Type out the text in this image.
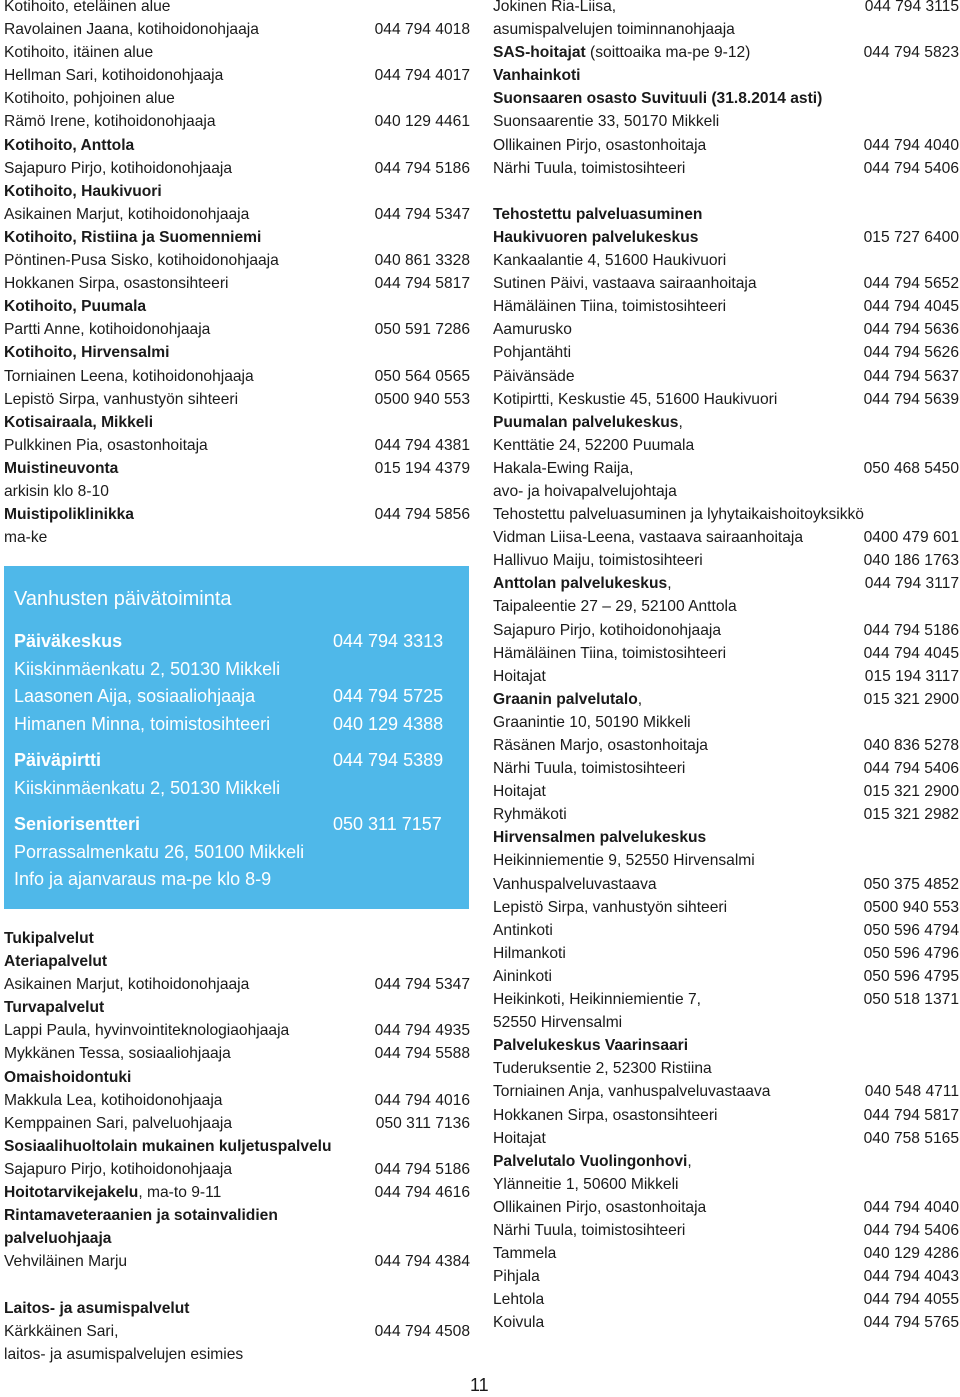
Kotihoito, eteläinen alue
Ravolainen Jaana, kotihoidonohjaaja	044 794 4018
Kotihoito, itäinen alue
Hellman Sari, kotihoidonohjaaja	044 794 4017
Kotihoito, pohjoinen alue
Rämö Irene, kotihoidonohjaaja	040 129 4461
Kotihoito, Anttola
Sajapuro Pirjo, kotihoidonohjaaja	044 794 5186
Kotihoito, Haukivuori
Asikainen Marjut, kotihoidonohjaaja	044 794 5347
Kotihoito, Ristiina ja Suomenniemi
Pöntinen-Pusa Sisko, kotihoidonohjaaja	040 861 3328
Hokkanen Sirpa, osastonsihteeri	044 794 5817
Kotihoito, Puumala
Partti Anne, kotihoidonohjaaja	050 591 7286
Kotihoito, Hirvensalmi
Torniainen Leena, kotihoidonohjaaja	050 564 0565
Lepistö Sirpa, vanhustyön sihteeri	0500 940 553
Kotisairaala, Mikkeli
Pulkkinen Pia, osastonhoitaja	044 794 4381
Muistineuvonta	015 194 4379
arkisin klo 8-10
Muistipoliklinikka	044 794 5856
ma-ke
Vanhusten päivätoiminta
Päiväkeskus	044 794 3313
Kiiskinmäenkatu 2, 50130 Mikkeli
Laasonen Aija, sosiaaliohjaaja	044 794 5725
Himanen Minna, toimistosihteeri	040 129 4388
Päiväpirtti	044 794 5389
Kiiskinmäenkatu 2, 50130 Mikkeli
Seniorisentteri	050 311 7157
Porrassalmenkatu 26, 50100 Mikkeli
Info ja ajanvaraus ma-pe klo 8-9
Tukipalvelut
Ateriapalvelut
Asikainen Marjut, kotihoidonohjaaja	044 794 5347
Turvapalvelut
Lappi Paula, hyvinvointiteknologiaohjaaja	044 794 4935
Mykkänen Tessa, sosiaaliohjaaja	044 794 5588
Omaishoidontuki
Makkula Lea, kotihoidonohjaaja	044 794 4016
Kemppainen Sari, palveluohjaaja	050 311 7136
Sosiaalihuoltolain mukainen kuljetuspalvelu
Sajapuro Pirjo, kotihoidonohjaaja	044 794 5186
Hoitotarvikejakelu, ma-to 9-11	044 794 4616
Rintamaveteraanien ja sotainvalidien
palveluohjaaja
Vehviläinen Marju	044 794 4384
Laitos- ja asumispalvelut
Kärkkäinen Sari,	044 794 4508
laitos- ja asumispalvelujen esimies
Jokinen Ria-Liisa,	044 794 3115
asumispalvelujen toiminnanohjaaja
SAS-hoitajat (soittoaika ma-pe 9-12)	044 794 5823
Vanhainkoti
Suonsaaren osasto Suvituuli (31.8.2014 asti)
Suonsaarentie 33, 50170 Mikkeli
Ollikainen Pirjo, osastonhoitaja	044 794 4040
Närhi Tuula, toimistosihteeri	044 794 5406
Tehostettu palveluasuminen
Haukivuoren palvelukeskus	015 727 6400
Kankaalantie 4, 51600 Haukivuori
Sutinen Päivi, vastaava sairaanhoitaja	044 794 5652
Hämäläinen Tiina, toimistosihteeri	044 794 4045
Aamurusko	044 794 5636
Pohjantähti	044 794 5626
Päivänsäde	044 794 5637
Kotipirtti, Keskustie 45, 51600 Haukivuori	044 794 5639
Puumalan palvelukeskus,
Kenttätie 24, 52200 Puumala
Hakala-Ewing Raija,	050 468 5450
avo- ja hoivapalvelujohtaja
Tehostettu palveluasuminen ja lyhytaikaishoitoyksikkö
Vidman Liisa-Leena, vastaava sairaanhoitaja	0400 479 601
Hallivuo Maiju, toimistosihteeri	040 186 1763
Anttolan palvelukeskus,	044 794 3117
Taipaleentie 27 – 29, 52100 Anttola
Sajapuro Pirjo, kotihoidonohjaaja	044 794 5186
Hämäläinen Tiina, toimistosihteeri	044 794 4045
Hoitajat	015 194 3117
Graanin palvelutalo,	015 321 2900
Graanintie 10, 50190 Mikkeli
Räsänen Marjo, osastonhoitaja	040 836 5278
Närhi Tuula, toimistosihteeri	044 794 5406
Hoitajat	015 321 2900
Ryhmäkoti	015 321 2982
Hirvensalmen palvelukeskus
Heikinniementie 9, 52550 Hirvensalmi
Vanhuspalveluvastaava	050 375 4852
Lepistö Sirpa, vanhustyön sihteeri	0500 940 553
Antinkoti	050 596 4794
Hilmankoti	050 596 4796
Aininkoti	050 596 4795
Heikinkoti, Heikinniemientie 7,	050 518 1371
52550 Hirvensalmi
Palvelukeskus Vaarinsaari
Tuderuksentie 2, 52300 Ristiina
Torniainen Anja, vanhuspalveluvastaava	040 548 4711
Hokkanen Sirpa, osastonsihteeri	044 794 5817
Hoitajat	040 758 5165
Palvelutalo Vuolingonhovi,
Ylänneitie 1, 50600 Mikkeli
Ollikainen Pirjo, osastonhoitaja	044 794 4040
Närhi Tuula, toimistosihteeri	044 794 5406
Tammela	040 129 4286
Pihjala	044 794 4043
Lehtola	044 794 4055
Koivula	044 794 5765
11
